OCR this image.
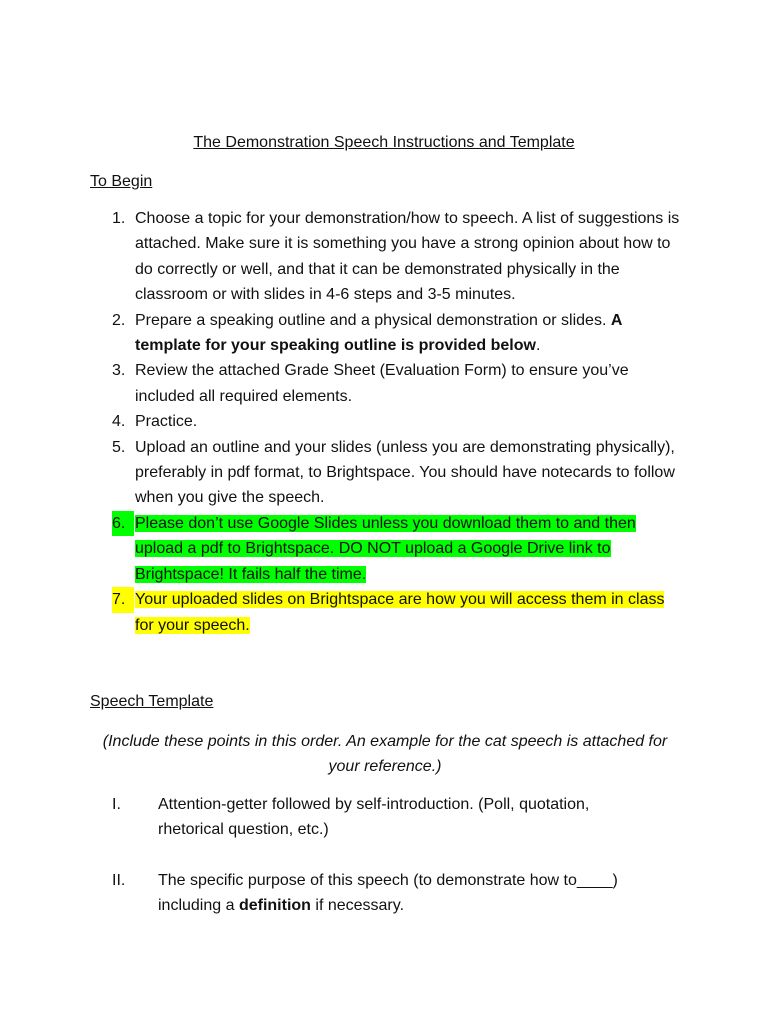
The Demonstration Speech Instructions and Template
To Begin
1. Choose a topic for your demonstration/how to speech. A list of suggestions is attached. Make sure it is something you have a strong opinion about how to do correctly or well, and that it can be demonstrated physically in the classroom or with slides in 4-6 steps and 3-5 minutes.
2. Prepare a speaking outline and a physical demonstration or slides. A template for your speaking outline is provided below.
3. Review the attached Grade Sheet (Evaluation Form) to ensure you’ve included all required elements.
4. Practice.
5. Upload an outline and your slides (unless you are demonstrating physically), preferably in pdf format, to Brightspace. You should have notecards to follow when you give the speech.
6. Please don’t use Google Slides unless you download them to and then upload a pdf to Brightspace. DO NOT upload a Google Drive link to Brightspace! It fails half the time.
7. Your uploaded slides on Brightspace are how you will access them in class for your speech.
Speech Template
(Include these points in this order. An example for the cat speech is attached for your reference.)
I.	Attention-getter followed by self-introduction. (Poll, quotation, rhetorical question, etc.)
II.	The specific purpose of this speech (to demonstrate how to____) including a definition if necessary.
